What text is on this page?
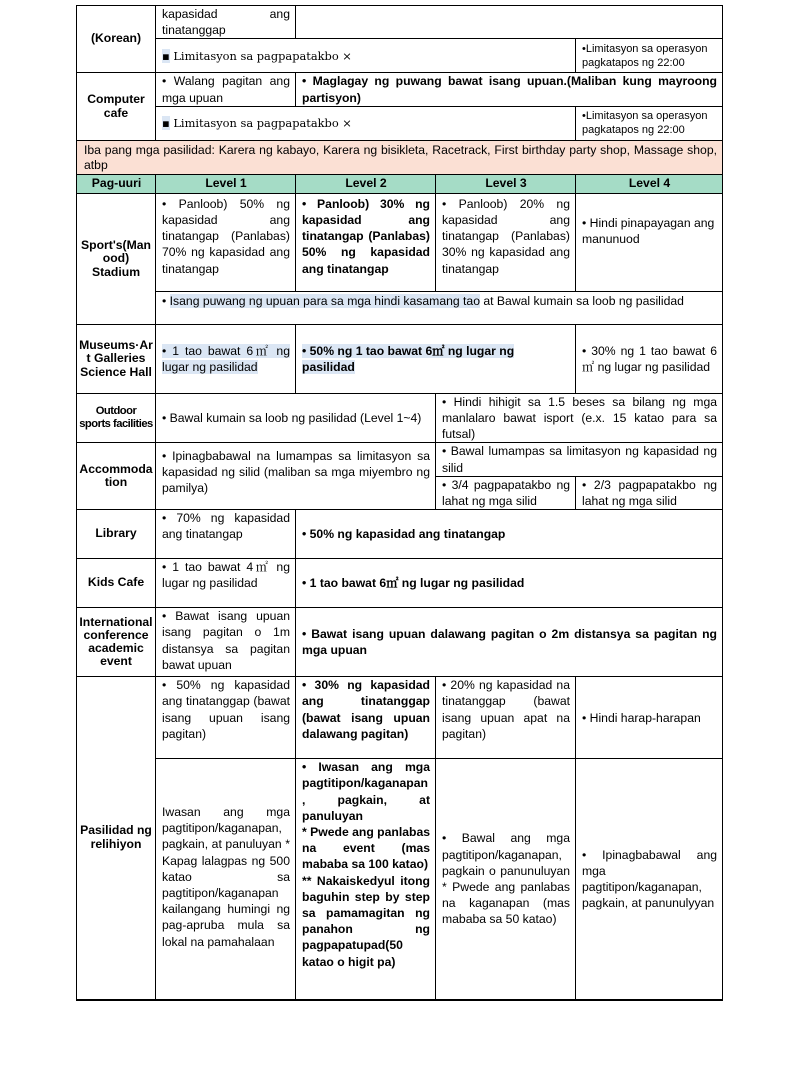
(Korean)	kapasidad ang tinatanggap			
	▪ Limitasyon sa pagpapatakbo ×			•Limitasyon sa operasyon pagkatapos ng 22:00
Computer cafe	• Walang pagitan ang mga upuan	• Maglagay ng puwang bawat isang upuan.(Maliban kung mayroong partisyon)		
	▪ Limitasyon sa pagpapatakbo ×			•Limitasyon sa operasyon pagkatapos ng 22:00
Iba pang mga pasilidad: Karera ng kabayo, Karera ng bisikleta, Racetrack, First birthday party shop, Massage shop, atbp				
Pag-uuri	Level 1	Level 2	Level 3	Level 4
Sport's(Manood) Stadium	• Panloob) 50% ng kapasidad ang tinatangap (Panlabas) 70% ng kapasidad ang tinatangap	• Panloob) 30% ng kapasidad ang tinatangap (Panlabas) 50% ng kapasidad ang tinatangap	• Panloob) 20% ng kapasidad ang tinatangap (Panlabas) 30% ng kapasidad ang tinatangap	• Hindi pinapayagan ang manunuod
	• Isang puwang ng upuan para sa mga hindi kasamang tao at Bawal kumain sa loob ng pasilidad			
Museums·Art Galleries Science Hall	• 1 tao bawat 6㎡ ng lugar ng pasilidad	• 50% ng 1 tao bawat 6㎡ ng lugar ng pasilidad		• 30% ng 1 tao bawat 6㎡ ng lugar ng pasilidad
Outdoor sports facilities	• Bawal kumain sa loob ng pasilidad (Level 1~4)		• Hindi hihigit sa 1.5 beses sa bilang ng mga manlalaro bawat isport (e.x. 15 katao para sa futsal)	
Accommodation	• Ipinagbabawal na lumampas sa limitasyon sa kapasidad ng silid (maliban sa mga miyembro ng pamilya)		• Bawal lumampas sa limitasyon ng kapasidad ng silid	
			• 3/4 pagpapatakbo ng lahat ng mga silid	• 2/3 pagpapatakbo ng lahat ng mga silid
Library	• 70% ng kapasidad ang tinatangap	• 50% ng kapasidad ang tinatangap		
Kids Cafe	• 1 tao bawat 4㎡ ng lugar ng pasilidad	• 1 tao bawat 6㎡ ng lugar ng pasilidad		
International conference academic event	• Bawat isang upuan isang pagitan o 1m distansya sa pagitan bawat upuan	• Bawat isang upuan dalawang pagitan o 2m distansya sa pagitan ng mga upuan		
Pasilidad ng relihiyon	• 50% ng kapasidad ang tinatanggap (bawat isang upuan isang pagitan)	• 30% ng kapasidad ang tinatanggap (bawat isang upuan dalawang pagitan)	• 20% ng kapasidad na tinatanggap (bawat isang upuan apat na pagitan)	• Hindi harap-harapan
	Iwasan ang mga pagtitipon/kaganapan, pagkain, at panuluyan * Kapag lalagpas ng 500 katao sa pagtitipon/kaganapan kailangang humingi ng pag-apruba mula sa lokal na pamahalaan	• Iwasan ang mga pagtitipon/kaganapan, pagkain, at panuluyan
* Pwede ang panlabas na event (mas mababa sa 100 katao)
** Nakaiskedyul itong baguhin step by step sa pamamagitan ng panahon ng pagpapatupad(50 katao o higit pa)	• Bawal ang mga pagtitipon/kaganapan, pagkain o panunuluyan * Pwede ang panlabas na kaganapan (mas mababa sa 50 katao)	• Ipinagbabawal ang mga pagtitipon/kaganapan, pagkain, at panunulyyan
